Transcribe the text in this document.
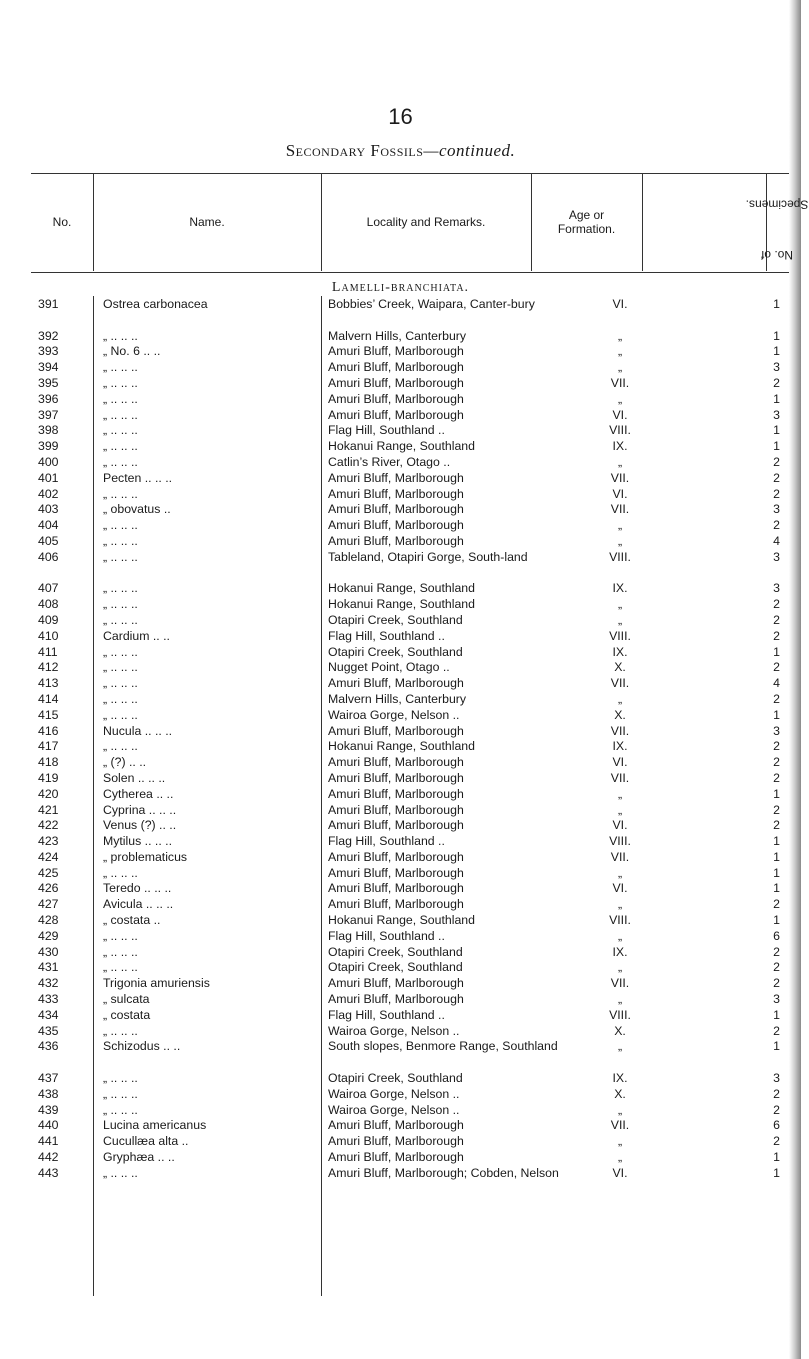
16
Secondary Fossils—continued.
No.	Name.	Locality and Remarks.	Age or
Formation.
No. of Specimens.
Lamelli-branchiata.
391	Ostrea carbonacea	Bobbies’ Creek, Waipara, Canter-bury	VI.	1
392	„ .. .. ..	Malvern Hills, Canterbury	„	1
393	„ No. 6 .. ..	Amuri Bluff, Marlborough	„	1
394	„ .. .. ..	Amuri Bluff, Marlborough	„	3
395	„ .. .. ..	Amuri Bluff, Marlborough	VII.	2
396	„ .. .. ..	Amuri Bluff, Marlborough	„	1
397	„ .. .. ..	Amuri Bluff, Marlborough	VI.	3
398	„ .. .. ..	Flag Hill, Southland ..	VIII.	1
399	„ .. .. ..	Hokanui Range, Southland	IX.	1
400	„ .. .. ..	Catlin’s River, Otago ..	„	2
401	Pecten .. .. ..	Amuri Bluff, Marlborough	VII.	2
402	„ .. .. ..	Amuri Bluff, Marlborough	VI.	2
403	„ obovatus ..	Amuri Bluff, Marlborough	VII.	3
404	„ .. .. ..	Amuri Bluff, Marlborough	„	2
405	„ .. .. ..	Amuri Bluff, Marlborough	„	4
406	„ .. .. ..	Tableland, Otapiri Gorge, South-land	VIII.	3
407	„ .. .. ..	Hokanui Range, Southland	IX.	3
408	„ .. .. ..	Hokanui Range, Southland	„	2
409	„ .. .. ..	Otapiri Creek, Southland	„	2
410	Cardium .. ..	Flag Hill, Southland ..	VIII.	2
411	„ .. .. ..	Otapiri Creek, Southland	IX.	1
412	„ .. .. ..	Nugget Point, Otago ..	X.	2
413	„ .. .. ..	Amuri Bluff, Marlborough	VII.	4
414	„ .. .. ..	Malvern Hills, Canterbury	„	2
415	„ .. .. ..	Wairoa Gorge, Nelson ..	X.	1
416	Nucula .. .. ..	Amuri Bluff, Marlborough	VII.	3
417	„ .. .. ..	Hokanui Range, Southland	IX.	2
418	„ (?) .. ..	Amuri Bluff, Marlborough	VI.	2
419	Solen .. .. ..	Amuri Bluff, Marlborough	VII.	2
420	Cytherea .. ..	Amuri Bluff, Marlborough	„	1
421	Cyprina .. .. ..	Amuri Bluff, Marlborough	„	2
422	Venus (?) .. ..	Amuri Bluff, Marlborough	VI.	2
423	Mytilus .. .. ..	Flag Hill, Southland ..	VIII.	1
424	„ problematicus	Amuri Bluff, Marlborough	VII.	1
425	„ .. .. ..	Amuri Bluff, Marlborough	„	1
426	Teredo .. .. ..	Amuri Bluff, Marlborough	VI.	1
427	Avicula .. .. ..	Amuri Bluff, Marlborough	„	2
428	„ costata ..	Hokanui Range, Southland	VIII.	1
429	„ .. .. ..	Flag Hill, Southland ..	„	6
430	„ .. .. ..	Otapiri Creek, Southland	IX.	2
431	„ .. .. ..	Otapiri Creek, Southland	„	2
432	Trigonia amuriensis	Amuri Bluff, Marlborough	VII.	2
433	„ sulcata	Amuri Bluff, Marlborough	„	3
434	„ costata	Flag Hill, Southland ..	VIII.	1
435	„ .. .. ..	Wairoa Gorge, Nelson ..	X.	2
436	Schizodus .. ..	South slopes, Benmore Range, Southland	„	1
437	„ .. .. ..	Otapiri Creek, Southland	IX.	3
438	„ .. .. ..	Wairoa Gorge, Nelson ..	X.	2
439	„ .. .. ..	Wairoa Gorge, Nelson ..	„	2
440	Lucina americanus	Amuri Bluff, Marlborough	VII.	6
441	Cucullæa alta ..	Amuri Bluff, Marlborough	„	2
442	Gryphæa .. ..	Amuri Bluff, Marlborough	„	1
443	„ .. .. ..	Amuri Bluff, Marlborough; Cobden, Nelson	VI.	1
